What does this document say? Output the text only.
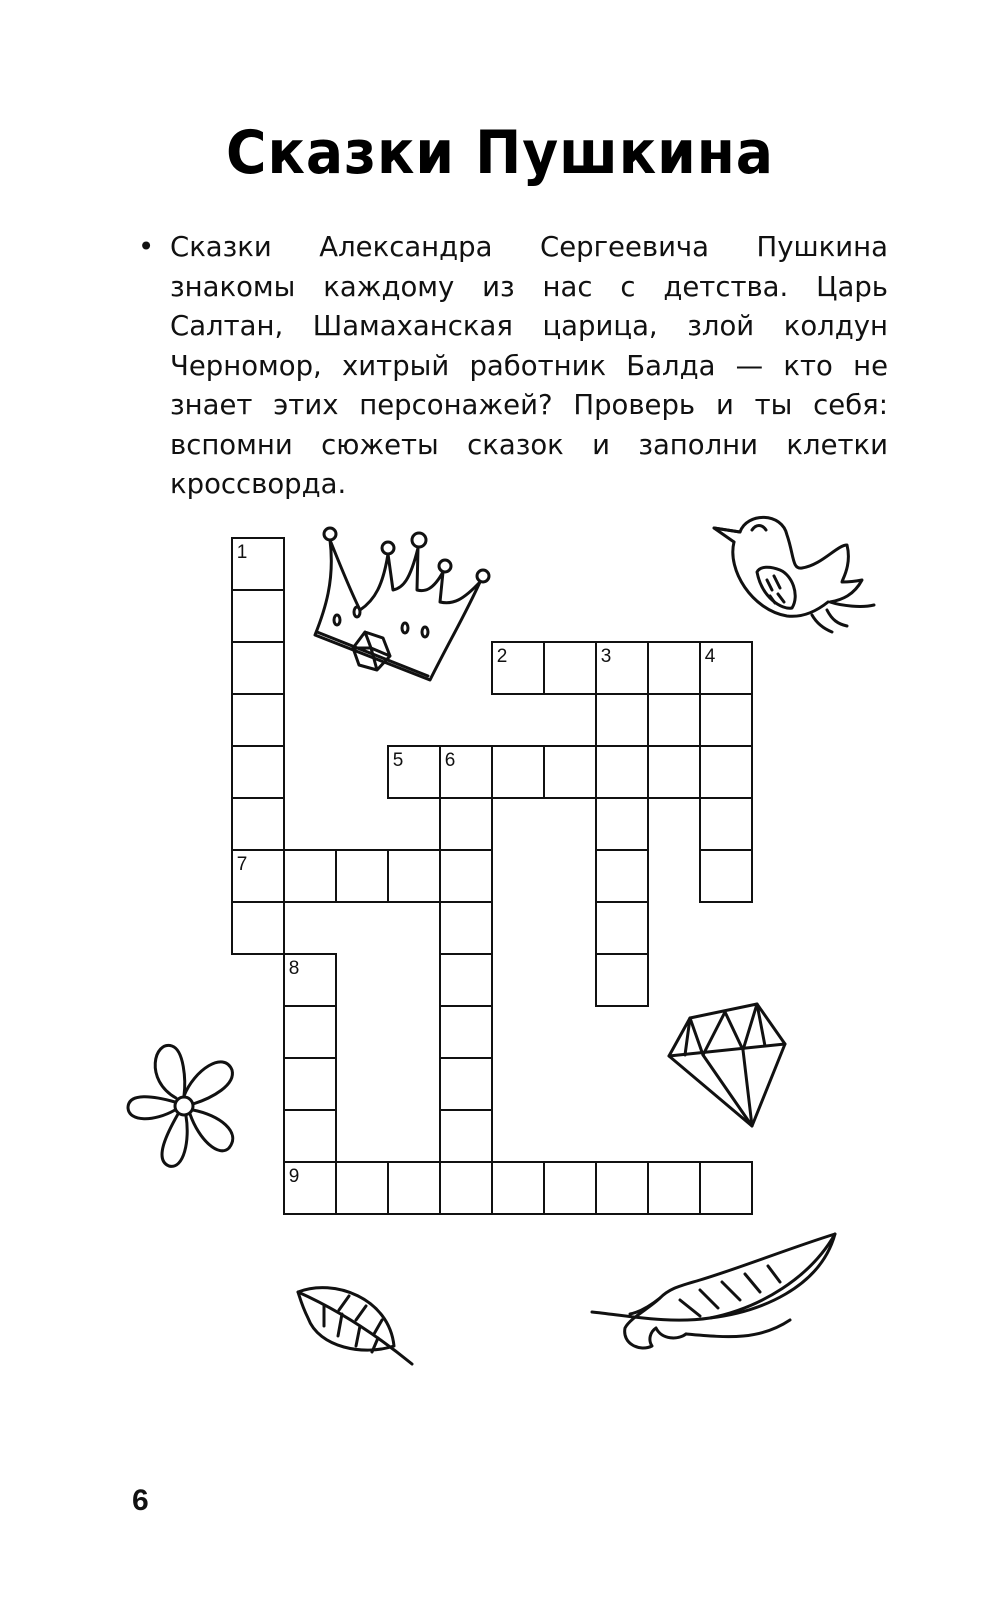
Сказки Пушкина
• Сказки Александра Сергеевича Пушкина знакомы каждому из нас с детства. Царь Салтан, Шамаханская царица, злой колдун Черномор, хитрый работник Балда — кто не знает этих персонажей? Проверь и ты себя: вспомни сюжеты сказок и заполни клетки кроссворда.
1
7
2	3	4
5 6
8
9
6
